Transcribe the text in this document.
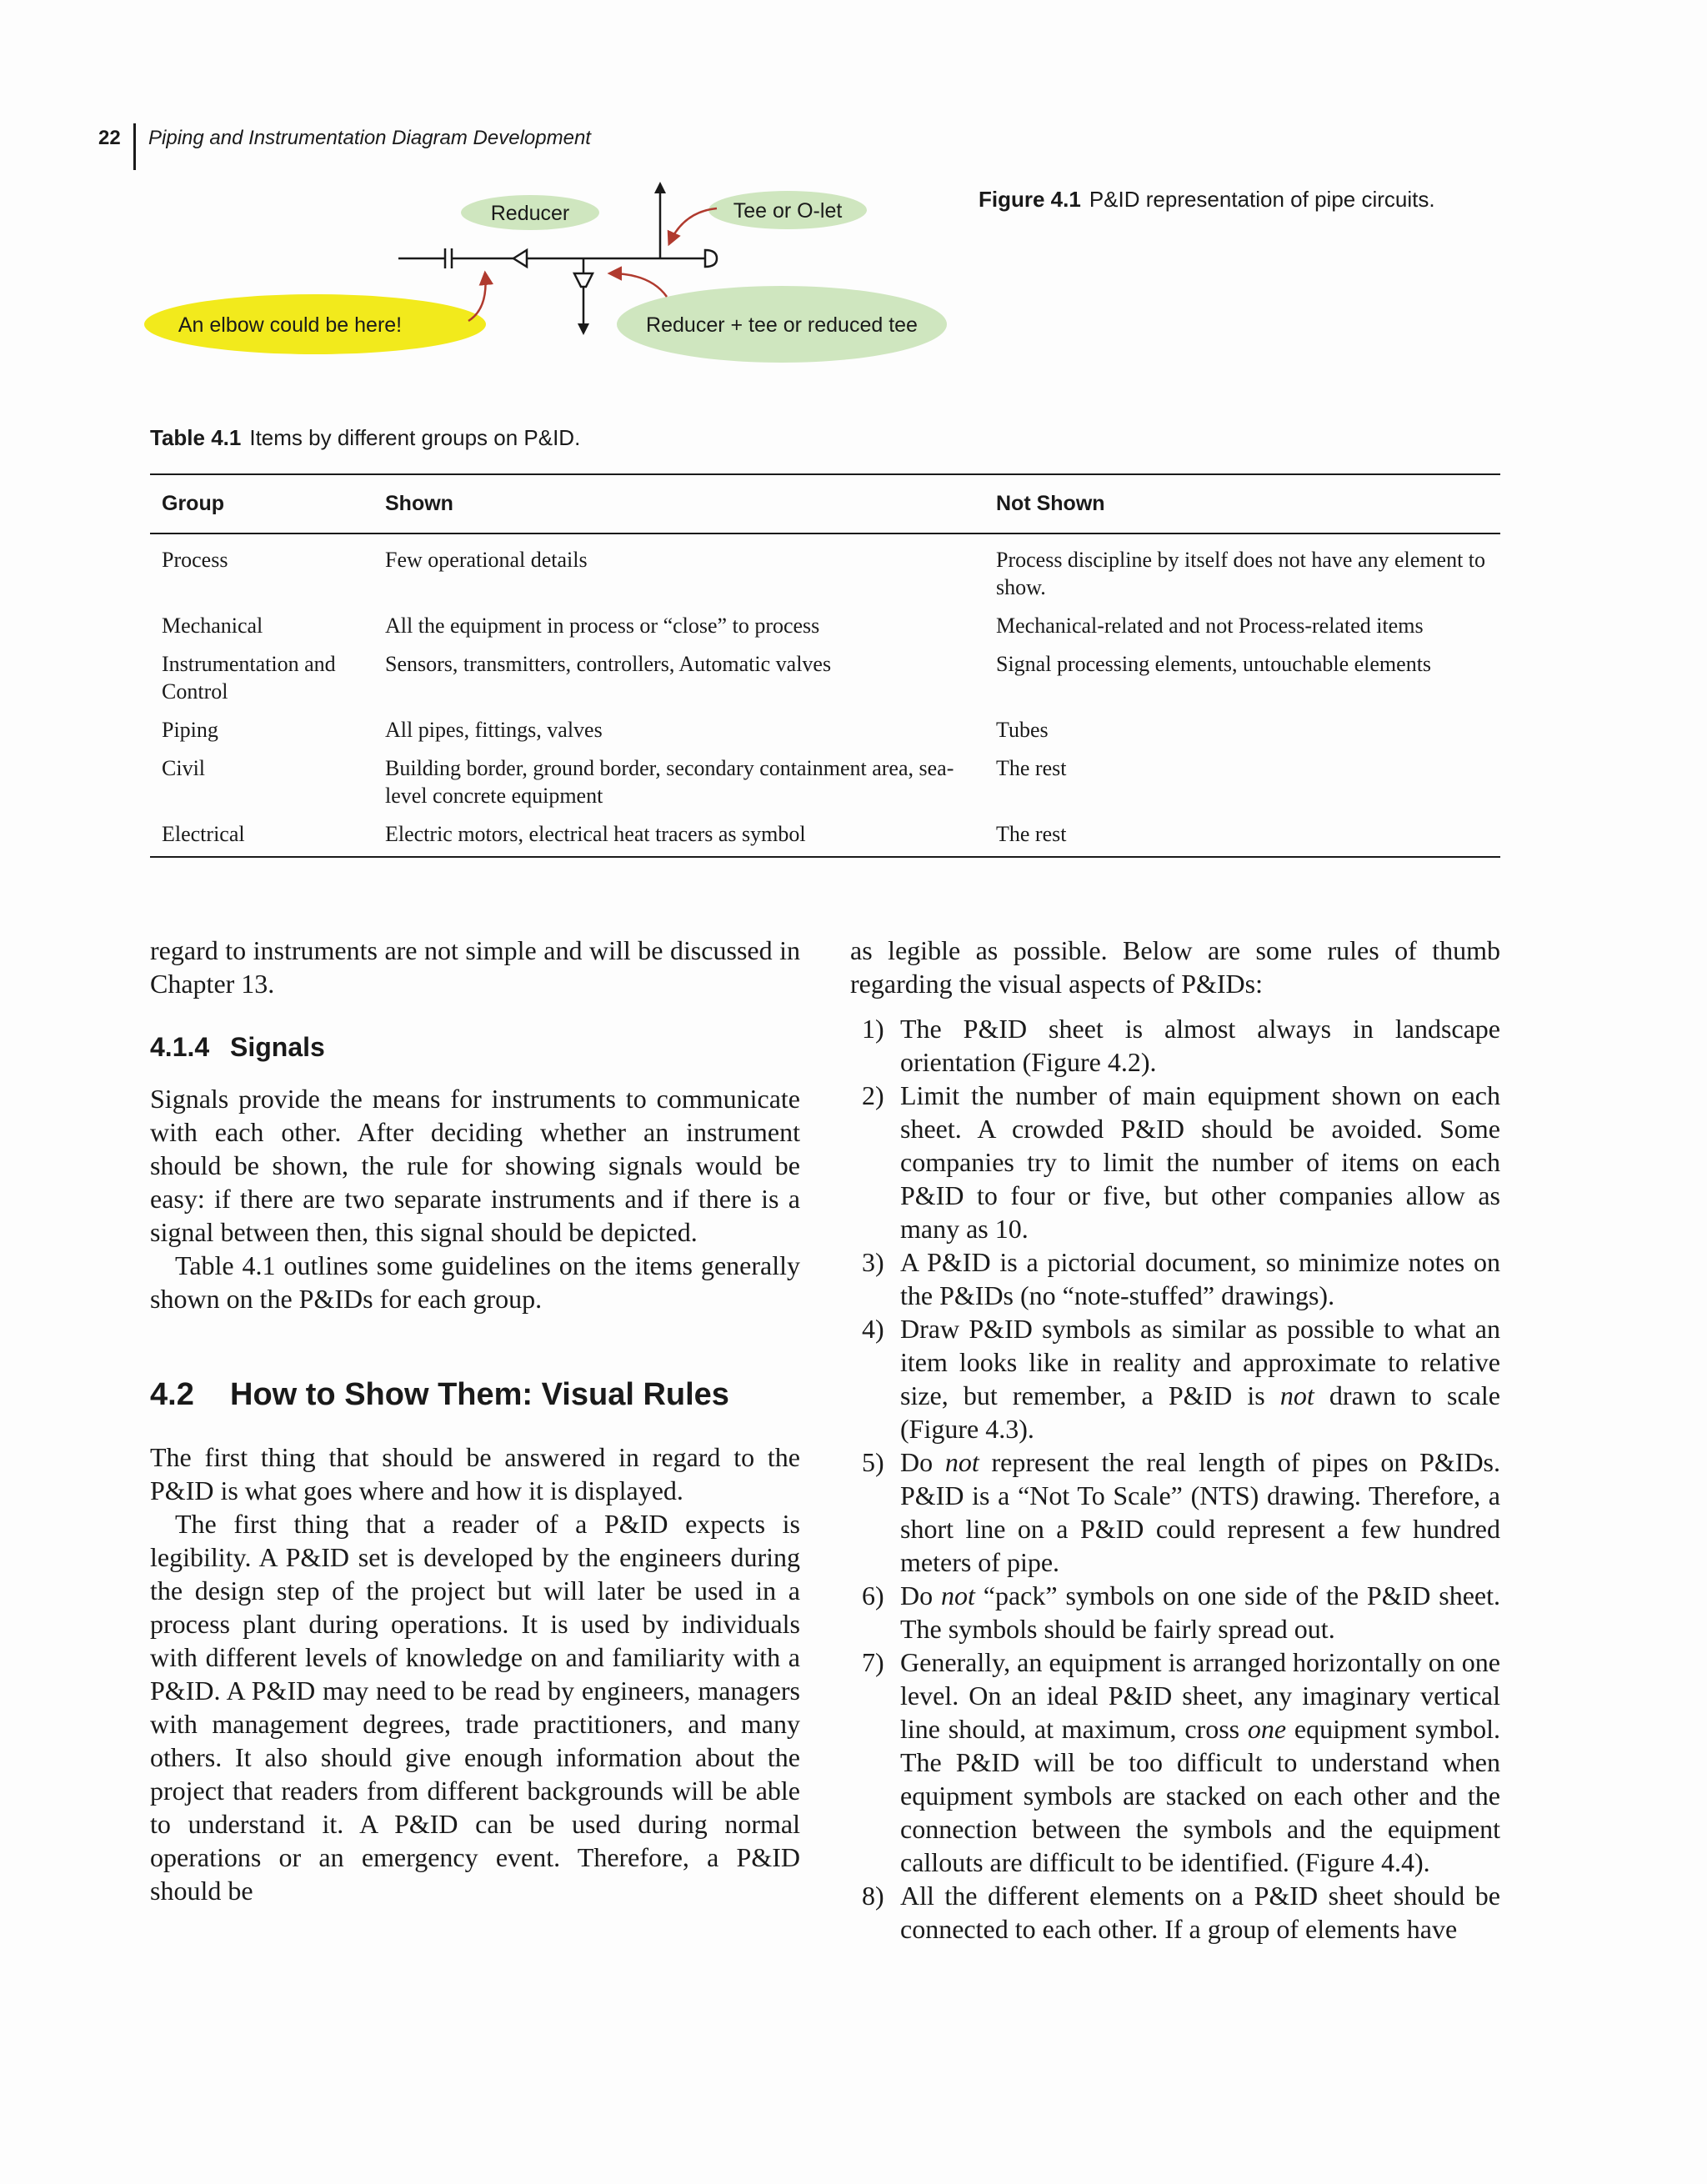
22 Piping and Instrumentation Diagram Development
Reducer	Tee or O-let
An elbow could be here!	Reducer + tee or reduced tee
Figure 4.1 P&ID representation of pipe circuits.
Table 4.1 Items by different groups on P&ID.
Group	Shown	Not Shown
Process	Few operational details	Process discipline by itself does not have any element to show.
Mechanical	All the equipment in process or “close” to process	Mechanical-related and not Process-related items
Instrumentation and Control	Sensors, transmitters, controllers, Automatic valves	Signal processing elements, untouchable elements
Piping	All pipes, fittings, valves	Tubes
Civil	Building border, ground border, secondary containment area, sea-level concrete equipment	The rest
Electrical	Electric motors, electrical heat tracers as symbol	The rest

regard to instruments are not simple and will be discussed in Chapter 13.

4.1.4 Signals

Signals provide the means for instruments to communicate with each other. After deciding whether an instrument should be shown, the rule for showing signals would be easy: if there are two separate instruments and if there is a signal between then, this signal should be depicted.

Table 4.1 outlines some guidelines on the items generally shown on the P&IDs for each group.

4.2 How to Show Them: Visual Rules

The first thing that should be answered in regard to the P&ID is what goes where and how it is displayed.

The first thing that a reader of a P&ID expects is legibility. A P&ID set is developed by the engineers during the design step of the project but will later be used in a process plant during operations. It is used by individuals with different levels of knowledge on and familiarity with a P&ID. A P&ID may need to be read by engineers, managers with management degrees, trade practitioners, and many others. It also should give enough information about the project that readers from different backgrounds will be able to understand it. A P&ID can be used during normal operations or an emergency event. Therefore, a P&ID should be

as legible as possible. Below are some rules of thumb regarding the visual aspects of P&IDs:

1) The P&ID sheet is almost always in landscape orientation (Figure 4.2).
2) Limit the number of main equipment shown on each sheet. A crowded P&ID should be avoided. Some companies try to limit the number of items on each P&ID to four or five, but other companies allow as many as 10.
3) A P&ID is a pictorial document, so minimize notes on the P&IDs (no “note-stuffed” drawings).
4) Draw P&ID symbols as similar as possible to what an item looks like in reality and approximate to relative size, but remember, a P&ID is not drawn to scale (Figure 4.3).
5) Do not represent the real length of pipes on P&IDs. P&ID is a “Not To Scale” (NTS) drawing. Therefore, a short line on a P&ID could represent a few hundred meters of pipe.
6) Do not “pack” symbols on one side of the P&ID sheet. The symbols should be fairly spread out.
7) Generally, an equipment is arranged horizontally on one level. On an ideal P&ID sheet, any imaginary vertical line should, at maximum, cross one equipment symbol. The P&ID will be too difficult to understand when equipment symbols are stacked on each other and the connection between the symbols and the equipment callouts are difficult to be identified. (Figure 4.4).
8) All the different elements on a P&ID sheet should be connected to each other. If a group of elements have
